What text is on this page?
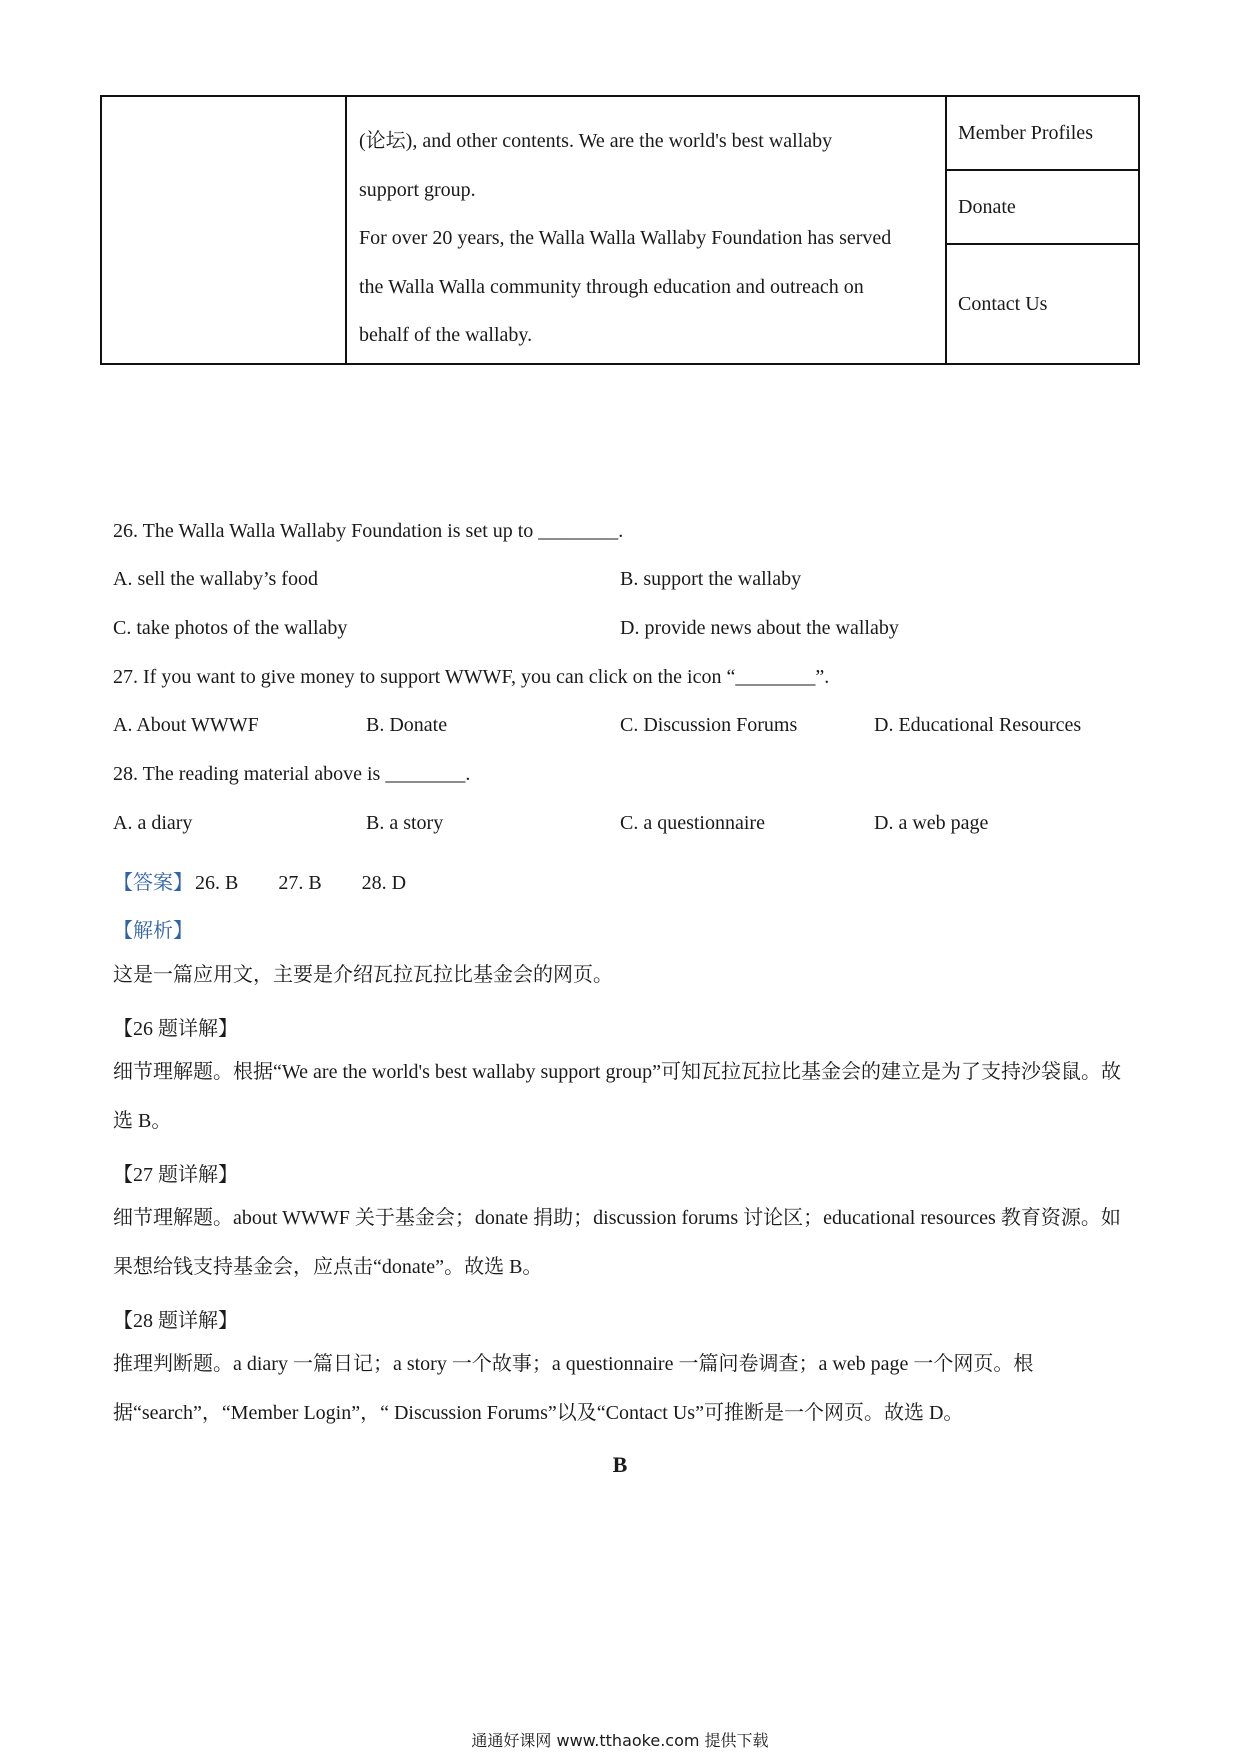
(论坛), and other contents. We are the world's best wallaby

support group.

For over 20 years, the Walla Walla Wallaby Foundation has served

the Walla Walla community through education and outreach on

behalf of the wallaby.

Member Profiles
Donate
Contact Us
26. The Walla Walla Wallaby Foundation is set up to ________.
A. sell the wallaby’s food	B. support the wallaby
C. take photos of the wallaby	D. provide news about the wallaby
27. If you want to give money to support WWWF, you can click on the icon “________”.
A. About WWWF	B. Donate	C. Discussion Forums	D. Educational Resources
28. The reading material above is ________.
A. a diary	B. a story	C. a questionnaire	D. a web page
【答案】 26. B        27. B        28. D
【解析】
这是一篇应用文，主要是介绍瓦拉瓦拉比基金会的网页。
【26 题详解】
细节理解题。根据“We are the world's best wallaby support group”可知瓦拉瓦拉比基金会的建立是为了支持沙袋鼠。故选 B。
【27 题详解】
细节理解题。about WWWF 关于基金会；donate 捐助；discussion forums 讨论区；educational resources 教育资源。如果想给钱支持基金会，应点击“donate”。故选 B。
【28 题详解】
推理判断题。a diary 一篇日记；a story 一个故事；a questionnaire 一篇问卷调查；a web page 一个网页。根据“search”，“Member Login”，“ Discussion Forums”以及“Contact Us”可推断是一个网页。故选 D。
B
通通好课网 www.tthaoke.com 提供下载
